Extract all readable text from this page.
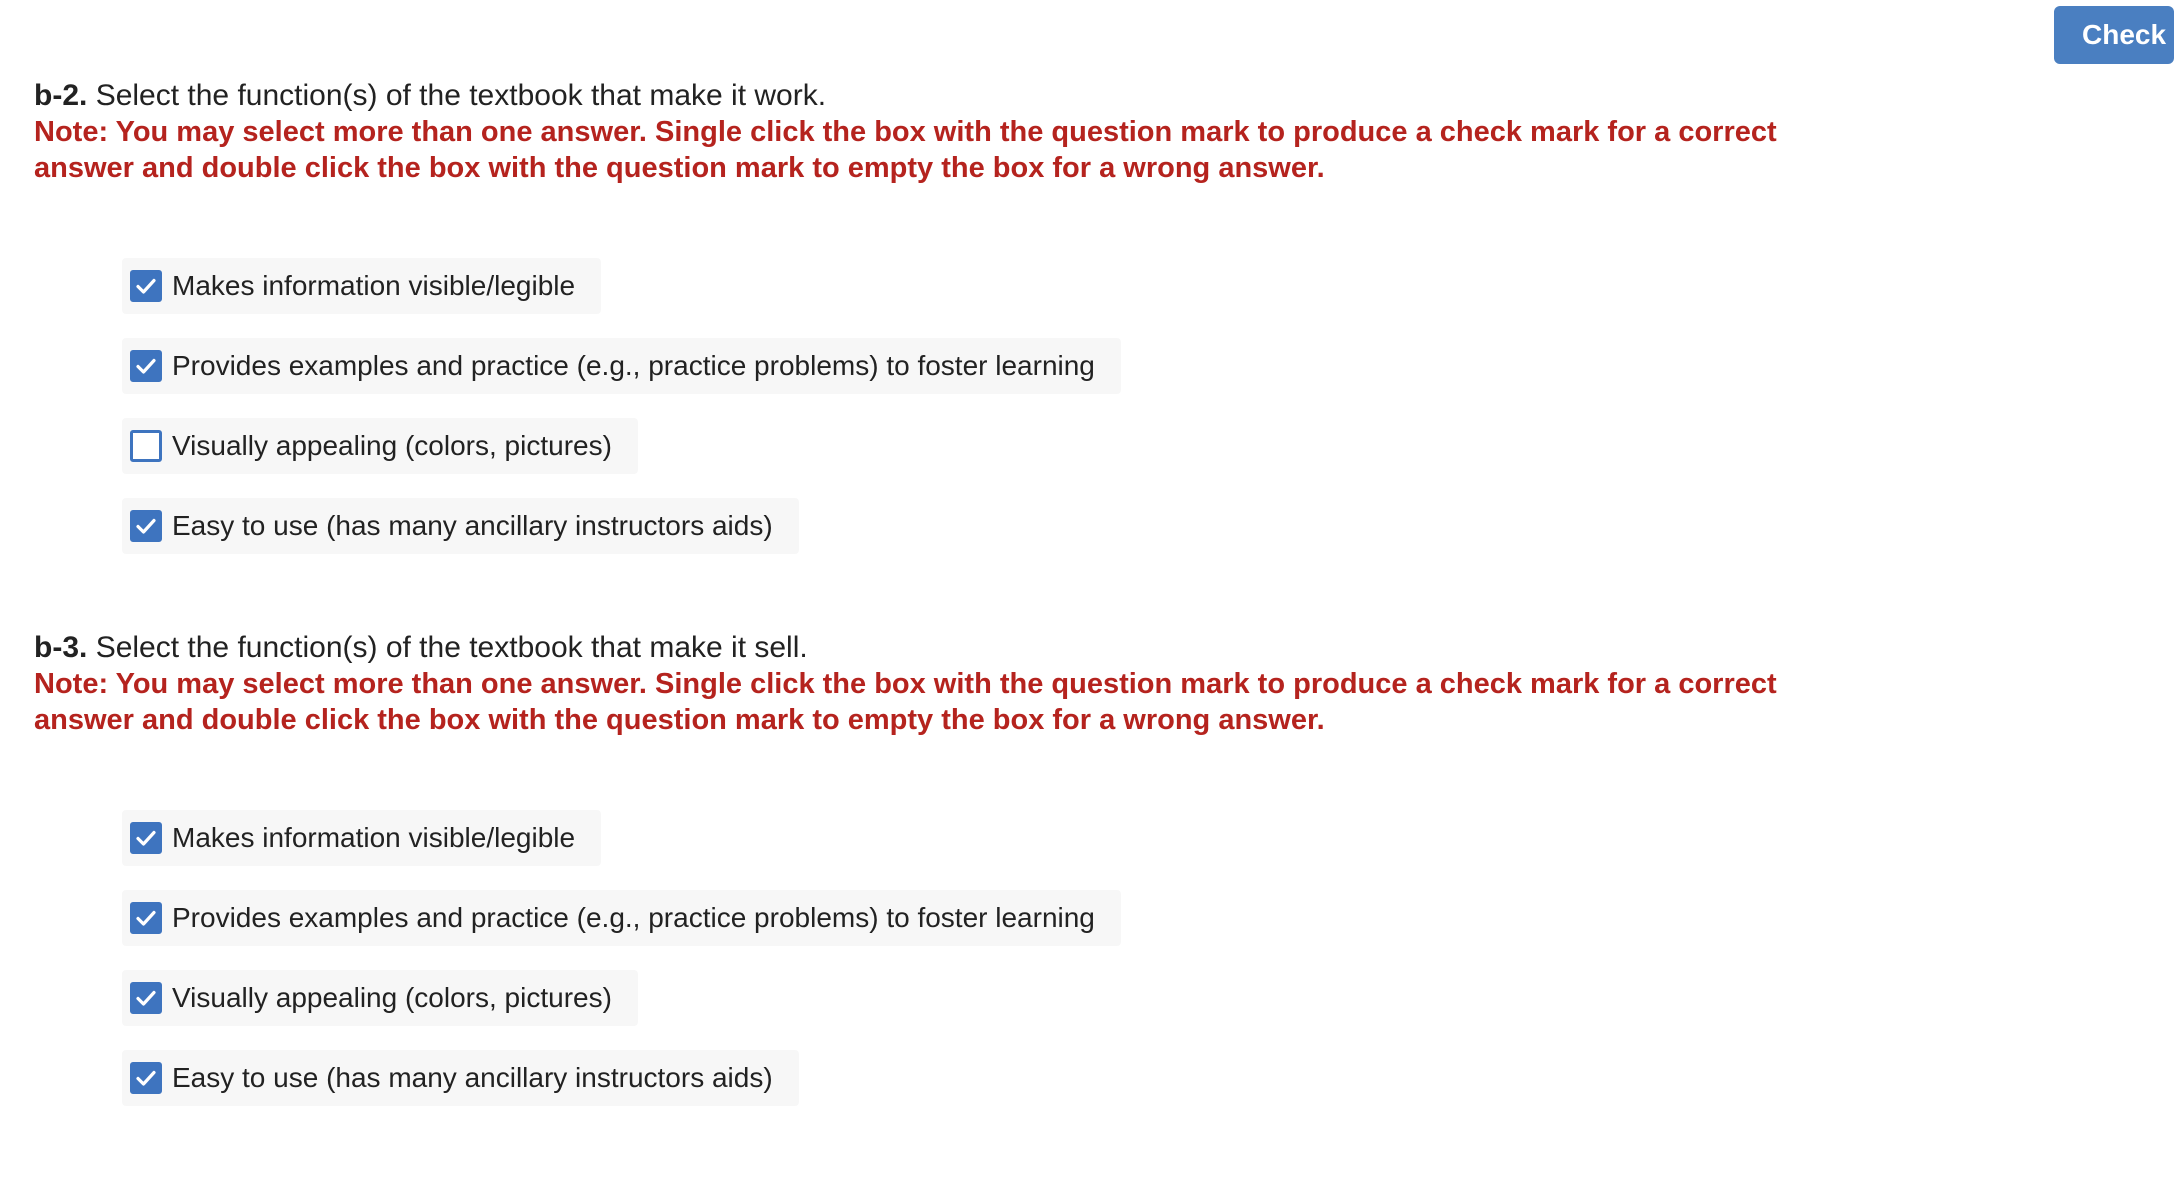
Check

b-2. Select the function(s) of the textbook that make it work.

Note: You may select more than one answer. Single click the box with the question mark to produce a check mark for a correct answer and double click the box with the question mark to empty the box for a wrong answer.

Makes information visible/legible
Provides examples and practice (e.g., practice problems) to foster learning
Visually appealing (colors, pictures)
Easy to use (has many ancillary instructors aids)

b-3. Select the function(s) of the textbook that make it sell.

Note: You may select more than one answer. Single click the box with the question mark to produce a check mark for a correct answer and double click the box with the question mark to empty the box for a wrong answer.

Makes information visible/legible
Provides examples and practice (e.g., practice problems) to foster learning
Visually appealing (colors, pictures)
Easy to use (has many ancillary instructors aids)
